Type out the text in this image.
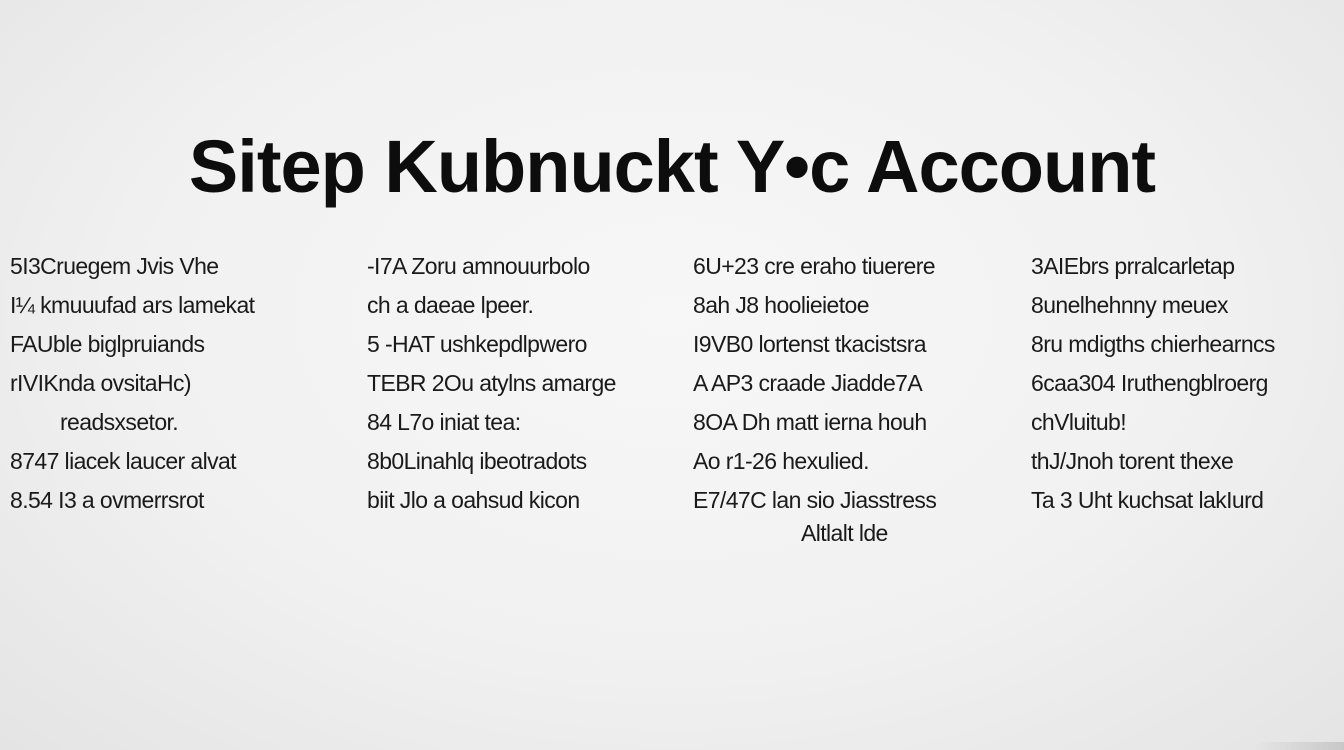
Sitep Kubnuckt Y•c Account
5I3Cruegem Jvis Vhe
I¼ kmuuufad ars lamekat
FAUble biglpruiands
rIVIKnda ovsitaHc)
readsxsetor.
8747 liacek laucer alvat
8.54 I3 a ovmerrsrot
-I7A Zoru amnouurbolo
ch a daeae lpeer.
5 -HAT ushkepdlpwero
TEBR 2Ou atylns amarge
84 L7o iniat tea:
8b0Linahlq ibeotradots
biit Jlo a oahsud kicon
6U+23 cre eraho tiuerere
8ah J8 hoolieietoe
I9VB0 lortenst tkacistsra
A AP3 craade Jiadde7A
8OA Dh matt ierna houh
Ao r1-26 hexulied.
E7/47C lan sio Jiasstress
Altlalt lde
3AIEbrs prralcarletap
8unelhehnny meuex
8ru mdigths chierhearncs
6caa304 Iruthengblroerg
chVluitub!
thJ/Jnoh torent thexe
Ta 3 Uht kuchsat lakIurd
